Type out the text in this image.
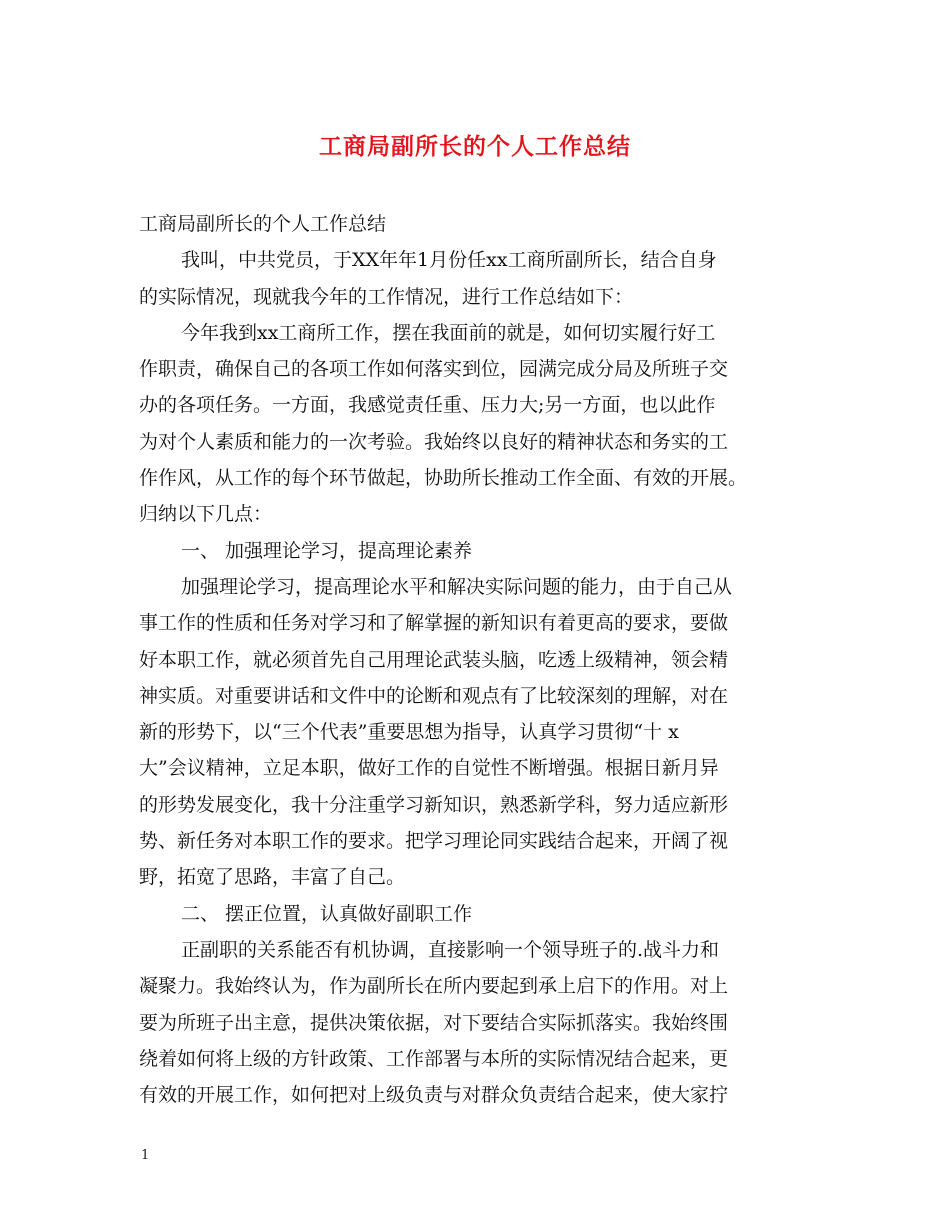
工商局副所长的个人工作总结
工商局副所长的个人工作总结
我叫，中共党员，于XX年年1月份任xx工商所副所长，结合自身
的实际情况，现就我今年的工作情况，进行工作总结如下：
今年我到xx工商所工作，摆在我面前的就是，如何切实履行好工
作职责，确保自己的各项工作如何落实到位，园满完成分局及所班子交
办的各项任务。一方面，我感觉责任重、压力大;另一方面，也以此作
为对个人素质和能力的一次考验。我始终以良好的精神状态和务实的工
作作风，从工作的每个环节做起，协助所长推动工作全面、有效的开展。
归纳以下几点：
一、 加强理论学习，提高理论素养
加强理论学习，提高理论水平和解决实际问题的能力，由于自己从
事工作的性质和任务对学习和了解掌握的新知识有着更高的要求，要做
好本职工作，就必须首先自己用理论武装头脑，吃透上级精神，领会精
神实质。对重要讲话和文件中的论断和观点有了比较深刻的理解，对在
新的形势下，以“三个代表”重要思想为指导，认真学习贯彻“十 x
大”会议精神，立足本职，做好工作的自觉性不断增强。根据日新月异
的形势发展变化，我十分注重学习新知识，熟悉新学科，努力适应新形
势、新任务对本职工作的要求。把学习理论同实践结合起来，开阔了视
野，拓宽了思路，丰富了自己。
二、 摆正位置，认真做好副职工作
正副职的关系能否有机协调，直接影响一个领导班子的.战斗力和
凝聚力。我始终认为，作为副所长在所内要起到承上启下的作用。对上
要为所班子出主意，提供决策依据，对下要结合实际抓落实。我始终围
绕着如何将上级的方针政策、工作部署与本所的实际情况结合起来，更
有效的开展工作，如何把对上级负责与对群众负责结合起来，使大家拧
1
